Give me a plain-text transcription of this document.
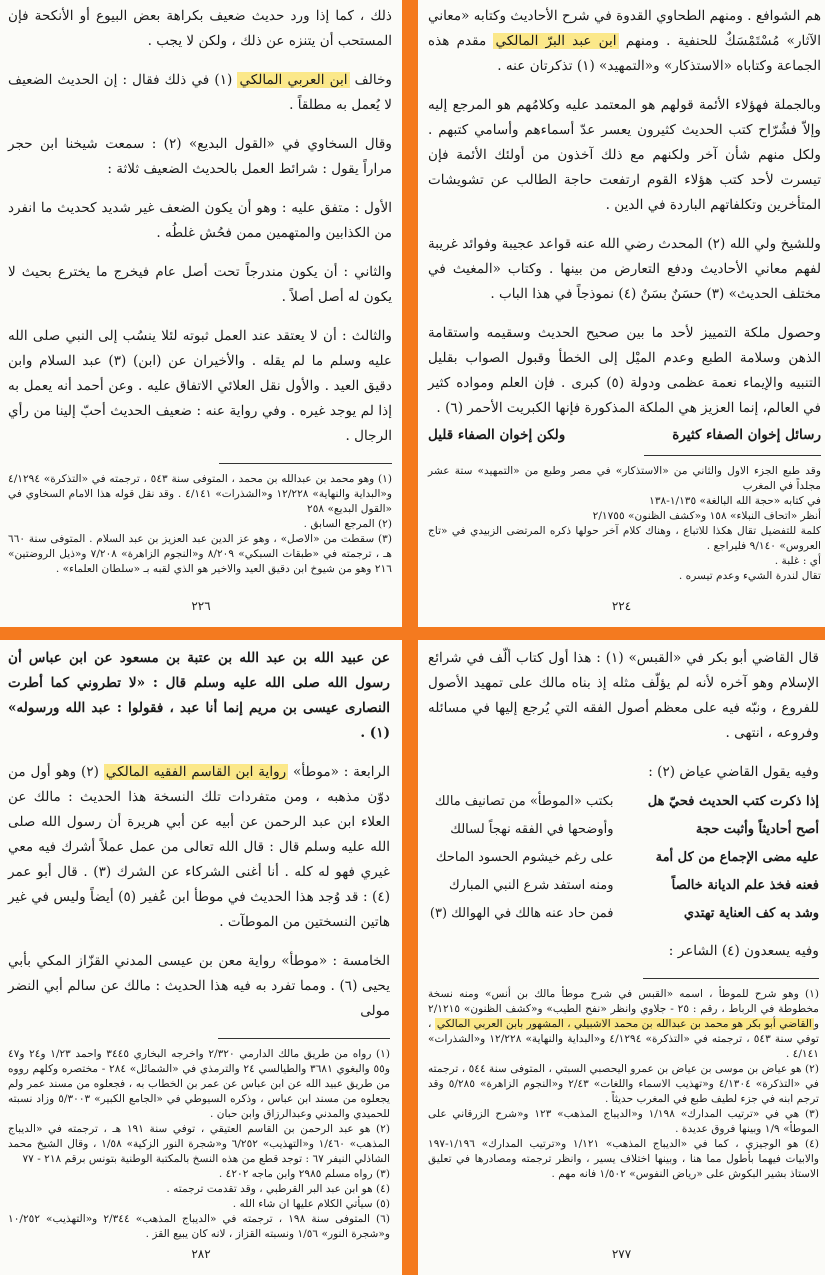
هم الشوافع . ومنهم الطحاوي القدوة في شرح الأحاديث وكتابه «معاني الآثار» مُسْتَمْسَكٌ للحنفية . ومنهم ابن عبد البرّ المالكي مقدم هذه الجماعة وكتاباه «الاستذكار» و«التمهيد» (١) تذكرتان عنه .

وبالجملة فهؤلاء الأئمة قولهم هو المعتمد عليه وكلامُهم هو المرجع إليه وإلاّ فشُرّاح كتب الحديث كثيرون يعسر عدّ أسماءهم وأسامي كتبهم . ولكل منهم شأن آخر ولكنهم مع ذلك آخذون من أولئك الأئمة فإن تيسرت لأحد كتب هؤلاء القوم ارتفعت حاجة الطالب عن تشويشات المتأخرين وتكلفاتهم الباردة في الدين .

وللشيخ ولي الله (٢) المحدث رضي الله عنه قواعد عجيبة وفوائد غريبة لفهم معاني الأحاديث ودفع التعارض من بينها . وكتاب «المغيث في مختلف الحديث» (٣) حسَنٌ بسَنٌ (٤) نموذجاً في هذا الباب .

وحصول ملكة التمييز لأحد ما بين صحيح الحديث وسقيمه واستقامة الذهن وسلامة الطبع وعدم الميْل إلى الخطأ وقبول الصواب بقليل التنبيه والإيماء نعمة عظمى ودولة (٥) كبرى . فإن العلم ومواده كثير في العالم، إنما العزيز هي الملكة المذكورة فإنها الكبريت الأحمر (٦) .

رسائل إخوان الصفاء كثيرة
ولكن إخوان الصفاء قليل

وقد طبع الجزء الاول والثاني من «الاستذكار» في مصر وطبع من «التمهيد» ستة عشر مجلداً في المغرب

في كتابه «حجة الله البالغة» ١/١٣٥-١٣٨

أنظر «اتحاف النبلاء» ١٥٨ و«كشف الظنون» ٢/١٧٥٥

كلمة للتفضيل تقال هكذا للاتباع ، وهناك كلام آخر حولها ذكره المرتضى الزبيدي في «تاج العروس» ٩/١٤٠ فليراجع .

أي : غلبة .

تقال لندرة الشيء وعدم تيسره .

٢٢٤

ذلك ، كما إذا ورد حديث ضعيف بكراهة بعض البيوع أو الأنكحة فإن المستحب أن يتنزه عن ذلك ، ولكن لا يجب .

وخالف ابن العربي المالكي (١) في ذلك فقال : إن الحديث الضعيف لا يُعمل به مطلقاً .

وقال السخاوي في «القول البديع» (٢) : سمعت شيخنا ابن حجر مراراً يقول : شرائط العمل بالحديث الضعيف ثلاثة :

الأول : متفق عليه : وهو أن يكون الضعف غير شديد كحديث ما انفرد من الكذابين والمتهمين ممن فحُش غلطُه .

والثاني : أن يكون مندرجاً تحت أصل عام فيخرج ما يخترع بحيث لا يكون له أصل أصلاً .

والثالث : أن لا يعتقد عند العمل ثبوته لئلا ينسُب إلى النبي صلى الله عليه وسلم ما لم يقله . والأخيران عن (ابن) (٣) عبد السلام وابن دقيق العيد . والأول نقل العلائي الاتفاق عليه . وعن أحمد أنه يعمل به إذا لم يوجد غيره . وفي رواية عنه : ضعيف الحديث أحبّ إلينا من رأي الرجال .

(١) وهو محمد بن عبدالله بن محمد ، المتوفى سنة ٥٤٣ ، ترجمته في «التذكرة» ٤/١٢٩٤ و«البداية والنهاية» ١٢/٢٢٨ و«الشذرات» ٤/١٤١ . وقد نقل قوله هذا الامام السخاوي في «القول البديع» ٢٥٨

(٢) المرجع السابق .

(٣) سقطت من «الاصل» ، وهو عز الدين عبد العزيز بن عبد السلام . المتوفى سنة ٦٦٠ هـ ، ترجمته في «طبقات السبكي» ٨/٢٠٩ و«النجوم الزاهرة» ٧/٢٠٨ و«ذيل الروضتين» ٢١٦ وهو من شيوخ ابن دقيق العيد والاخير هو الذي لقبه بـ «سلطان العلماء» .

٢٢٦

قال القاضي أبو بكر في «القبس» (١) : هذا أول كتاب ألّف في شرائع الإسلام وهو آخره لأنه لم يؤلّف مثله إذ بناه مالك على تمهيد الأصول للفروع ، ونبّه فيه على معظم أصول الفقه التي يُرجع إليها في مسائله وفروعه ، انتهى .

وفيه يقول القاضي عياض (٢) :

إذا ذكرت كتب الحديث فحيّ هل
بكتب «الموطأ» من تصانيف مالك
أصح أحاديثاً وأثبت حجة
وأوضحها في الفقه نهجاً لسالك
عليه مضى الإجماع من كل أمة
على رغم خيشوم الحسود الماحك
فعنه فخذ علم الديانة خالصاً
ومنه استفد شرع النبي المبارك
وشد به كف العناية تهتدي
فمن حاد عنه هالك في الهوالك (٣)

وفيه يسعدون (٤) الشاعر :

(١) وهو شرح للموطأ ، اسمه «القبس في شرح موطأ مالك بن أنس» ومنه نسخة مخطوطة في الرباط ، رقم : ٢٥ - جلاوي وانظر «نفح الطيب» و«كشف الظنون» ٢/١٢١٥ والقاضي أبو بكر هو محمد بن عبدالله بن محمد الاشبيلي ، المشهور بابن العربي المالكي ، توفي سنة ٥٤٣ ، ترجمته في «التذكرة» ٤/١٢٩٤ و«البداية والنهاية» ١٢/٢٢٨ و«الشذرات» ٤/١٤١ .

(٢) هو عياض بن موسى بن عياض بن عمرو اليحصبي السبتي ، المتوفى سنة ٥٤٤ ، ترجمته في «التذكرة» ٤/١٣٠٤ و«تهذيب الاسماء واللغات» ٢/٤٣ و«النجوم الزاهرة» ٥/٢٨٥ وقد ترجم ابنه في جزء لطيف طبع في المغرب حديثاً .

(٣) هي في «ترتيب المدارك» ١/١٩٨ و«الديباج المذهب» ١٢٣ و«شرح الزرقاني على الموطأ» ١/٩ وبينها فروق عديدة .

(٤) هو الوجيزي ، كما في «الديباج المذهب» ١/١٢١ و«ترتيب المدارك» ١/١٩٦-١٩٧ والابيات فيهما بأطول مما هنا ، وبينها اختلاف يسير ، وانظر ترجمته ومصادرها في تعليق الاستاذ بشير البكوش على «رياض النفوس» ١/٥٠٢ فانه مهم .

٢٧٧

عن عبيد الله بن عبد الله بن عتبة بن مسعود عن ابن عباس أن رسول الله صلى الله عليه وسلم قال : «لا تطروني كما أطرت النصارى عيسى بن مريم إنما أنا عبد ، فقولوا : عبد الله ورسوله» (١) .

الرابعة : «موطأ» رواية ابن القاسم الفقيه المالكي (٢) وهو أول من دوّن مذهبه ، ومن متفردات تلك النسخة هذا الحديث : مالك عن العلاء ابن عبد الرحمن عن أبيه عن أبي هريرة أن رسول الله صلى الله عليه وسلم قال : قال الله تعالى من عمل عملاً أشرك فيه معي غيري فهو له كله . أنا أغنى الشركاء عن الشرك (٣) . قال أبو عمر (٤) : قد وُجد هذا الحديث في موطأ ابن عُفير (٥) أيضاً وليس في غير هاتين النسختين من الموطآت .

الخامسة : «موطأ» رواية معن بن عيسى المدني القزّاز المكي بأبي يحيى (٦) . ومما تفرد به فيه هذا الحديث : مالك عن سالم أبي النضر مولى

(١) رواه من طريق مالك الدارمي ٢/٣٢٠ واخرجه البخاري ٣٤٤٥ واحمد ١/٢٣ و٢٤ و٤٧ و٥٥ والبغوي ٣٦٨١ والطيالسي ٢٤ والترمذي في «الشمائل» ٢٨٤ - مختصره وكلهم رووه من طريق عبيد الله عن ابن عباس عن عمر بن الخطاب به ، فجعلوه من مسند عمر ولم يجعلوه من مسند ابن عباس ، وذكره السيوطي في «الجامع الكبير» ٥/٣٠٠٣ وزاد نسبته للحميدي والمدني وعبدالرزاق وابن حبان .

(٢) هو عبد الرحمن بن القاسم العتيقي ، توفي سنة ١٩١ هـ ، ترجمته في «الديباج المذهب» ١/٤٦٠ و«التهذيب» ٦/٢٥٢ و«شجرة النور الزكية» ١/٥٨ ، وقال الشيخ محمد الشاذلي النيفر ٦٧ : توجد قطع من هذه النسخ بالمكتبة الوطنية بتونس برقم ٢١٨ - ٧٧

(٣) رواه مسلم ٢٩٨٥ وابن ماجه ٤٢٠٢ .

(٤) هو ابن عبد البر القرطبي ، وقد تقدمت ترجمته .

(٥) سيأتي الكلام عليها ان شاء الله .

(٦) المتوفى سنة ١٩٨ ، ترجمته في «الديباج المذهب» ٢/٣٤٤ و«التهذيب» ١٠/٢٥٢ و«شجرة النور» ١/٥٦ ونسبته القزاز ، لانه كان يبيع القز .

٢٨٢
